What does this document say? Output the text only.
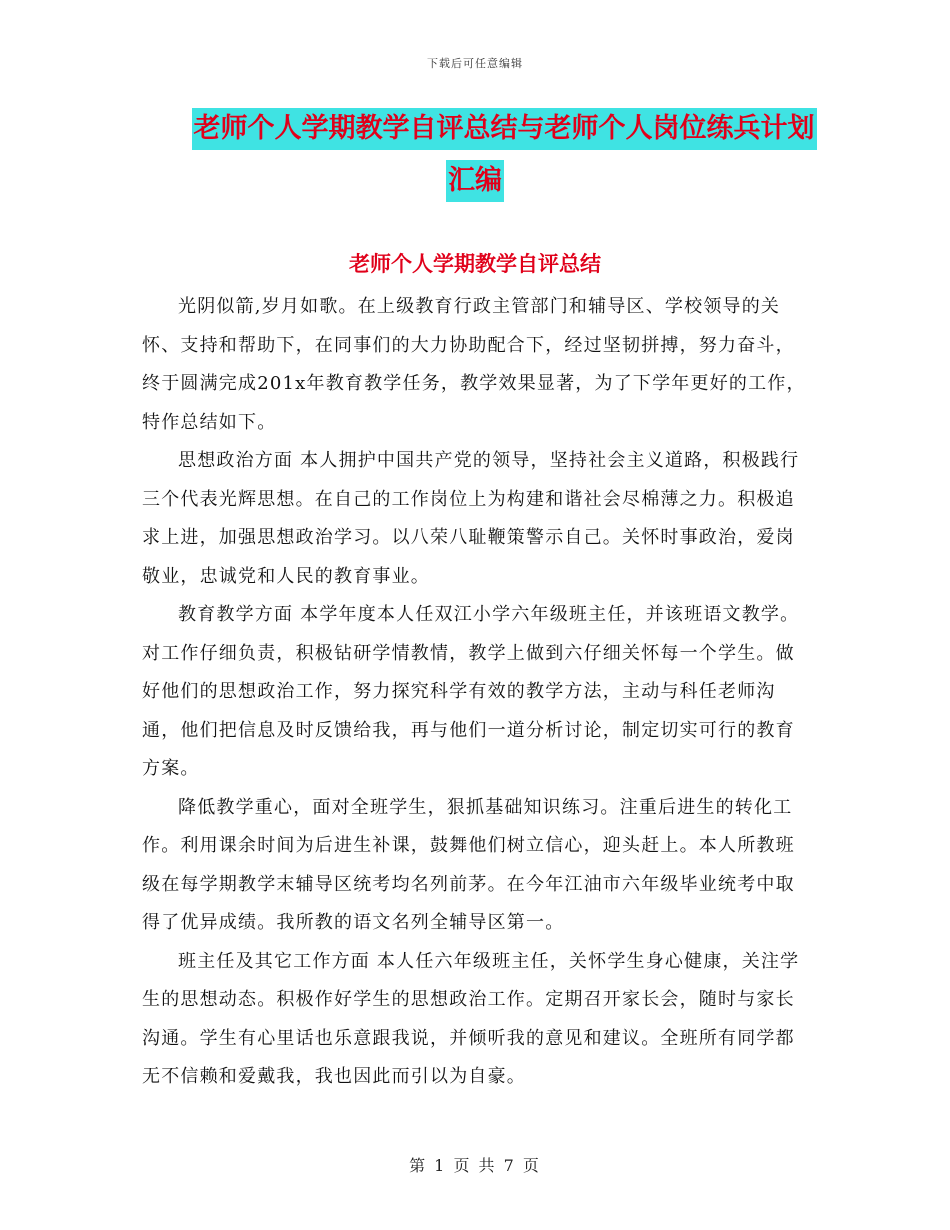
下载后可任意编辑
老师个人学期教学自评总结与老师个人岗位练兵计划
汇编
老师个人学期教学自评总结

光阴似箭,岁月如歌。在上级教育行政主管部门和辅导区、学校领导的关怀、支持和帮助下，在同事们的大力协助配合下，经过坚韧拼搏，努力奋斗，终于圆满完成201x年教育教学任务，教学效果显著，为了下学年更好的工作，特作总结如下。

思想政治方面 本人拥护中国共产党的领导，坚持社会主义道路，积极践行三个代表光辉思想。在自己的工作岗位上为构建和谐社会尽棉薄之力。积极追求上进，加强思想政治学习。以八荣八耻鞭策警示自己。关怀时事政治，爱岗敬业，忠诚党和人民的教育事业。

教育教学方面 本学年度本人任双江小学六年级班主任，并该班语文教学。对工作仔细负责，积极钻研学情教情，教学上做到六仔细关怀每一个学生。做好他们的思想政治工作，努力探究科学有效的教学方法，主动与科任老师沟通，他们把信息及时反馈给我，再与他们一道分析讨论，制定切实可行的教育方案。

降低教学重心，面对全班学生，狠抓基础知识练习。注重后进生的转化工作。利用课余时间为后进生补课，鼓舞他们树立信心，迎头赶上。本人所教班级在每学期教学末辅导区统考均名列前茅。在今年江油市六年级毕业统考中取得了优异成绩。我所教的语文名列全辅导区第一。

班主任及其它工作方面 本人任六年级班主任，关怀学生身心健康，关注学生的思想动态。积极作好学生的思想政治工作。定期召开家长会，随时与家长沟通。学生有心里话也乐意跟我说，并倾听我的意见和建议。全班所有同学都无不信赖和爱戴我，我也因此而引以为自豪。

第 1 页 共 7 页
